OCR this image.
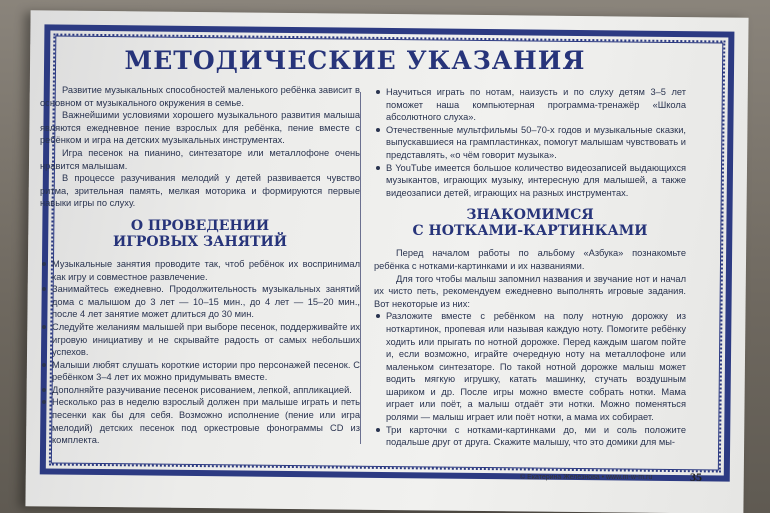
МЕТОДИЧЕСКИЕ УКАЗАНИЯ

Развитие музыкальных способностей маленького ребёнка зависит в основном от музыкального окружения в семье.

Важнейшими условиями хорошего музыкального развития малыша являются ежедневное пение взрослых для ребёнка, пение вместе с ребёнком и игра на детских музыкальных инструментах.

Игра песенок на пианино, синтезаторе или металлофоне очень нравится малышам.

В процессе разучивания мелодий у детей развивается чувство ритма, зрительная память, мелкая моторика и формируются первые навыки игры по слуху.

О ПРОВЕДЕНИИ
ИГРОВЫХ ЗАНЯТИЙ
Музыкальные занятия проводите так, чтоб ребёнок их воспринимал как игру и совместное развлечение.
Занимайтесь ежедневно. Продолжительность музыкальных занятий дома с малышом до 3 лет — 10–15 мин., до 4 лет — 15–20 мин., после 4 лет занятие может длиться до 30 мин.
Следуйте желаниям малышей при выборе песенок, поддерживайте их игровую инициативу и не скрывайте радость от самых небольших успехов.
Малыши любят слушать короткие истории про персонажей песенок. С ребёнком 3–4 лет их можно придумывать вместе.
Дополняйте разучивание песенок рисованием, лепкой, аппликацией.
Несколько раз в неделю взрослый должен при малыше играть и петь песенки как бы для себя. Возможно исполнение (пение или игра мелодий) детских песенок под оркестровые фонограммы CD из комплекта.
Научиться играть по нотам, наизусть и по слуху детям 3–5 лет поможет наша компьютерная программа-тренажёр «Школа абсолютного слуха».
Отечественные мультфильмы 50–70-х годов и музыкальные сказки, выпускавшиеся на грампластинках, помогут малышам чувствовать и представлять, «о чём говорит музыка».
В YouTube имеется большое количество видеозаписей выдающихся музыкантов, играющих музыку, интересную для малышей, а также видеозаписи детей, играющих на разных инструментах.
ЗНАКОМИМСЯ
С НОТКАМИ-КАРТИНКАМИ

Перед началом работы по альбому «Азбука» познакомьте ребёнка с нотками-картинками и их названиями.

Для того чтобы малыш запомнил названия и звучание нот и начал их чисто петь, рекомендуем ежедневно выполнять игровые задания. Вот некоторые из них:

Разложите вместе с ребёнком на полу нотную дорожку из ноткартинок, пропевая или называя каждую ноту. Помогите ребёнку ходить или прыгать по нотной дорожке. Перед каждым шагом пойте и, если возможно, играйте очередную ноту на металлофоне или маленьком синтезаторе. По такой нотной дорожке малыш может водить мягкую игрушку, катать машинку, стучать воздушным шариком и др. После игры можно вместе собрать нотки. Мама играет или поёт, а малыш отдаёт эти нотки. Можно поменяться ролями — малыш играет или поёт нотки, а мама их собирает.
Три карточки с нотками-картинками до, ми и соль положите подальше друг от друга. Скажите малышу, что это домики для мы-
© Екатерина Железнова • www.m-w-m.ru	35
